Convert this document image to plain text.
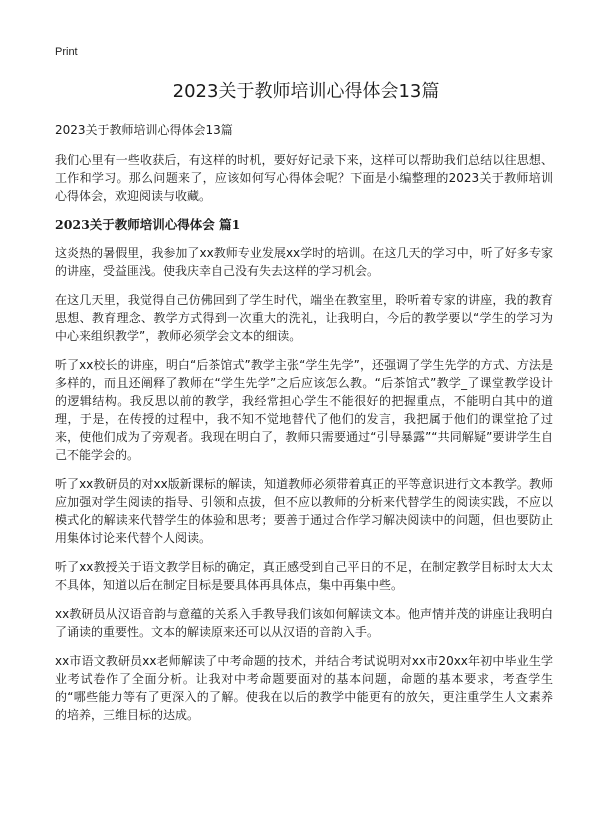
Print
2023关于教师培训心得体会13篇
2023关于教师培训心得体会13篇

我们心里有一些收获后，有这样的时机，要好好记录下来，这样可以帮助我们总结以往思想、工作和学习。那么问题来了，应该如何写心得体会呢？下面是小编整理的2023关于教师培训心得体会，欢迎阅读与收藏。

2023关于教师培训心得体会 篇1

这炎热的暑假里，我参加了xx教师专业发展xx学时的培训。在这几天的学习中，听了好多专家的讲座，受益匪浅。使我庆幸自己没有失去这样的学习机会。

在这几天里，我觉得自己仿佛回到了学生时代，端坐在教室里，聆听着专家的讲座，我的教育思想、教育理念、教学方式得到一次重大的洗礼，让我明白，今后的教学要以“学生的学习为中心来组织教学”，教师必须学会文本的细读。

听了xx校长的讲座，明白“后茶馆式”教学主张“学生先学”，还强调了学生先学的方式、方法是多样的，而且还阐释了教师在“学生先学”之后应该怎么教。“后茶馆式”教学_了课堂教学设计的逻辑结构。我反思以前的教学，我经常担心学生不能很好的把握重点，不能明白其中的道理，于是，在传授的过程中，我不知不觉地替代了他们的发言，我把属于他们的课堂抢了过来，使他们成为了旁观者。我现在明白了，教师只需要通过“引导暴露”“共同解疑”要讲学生自己不能学会的。

听了xx教研员的对xx版新课标的解读，知道教师必须带着真正的平等意识进行文本教学。教师应加强对学生阅读的指导、引领和点拔，但不应以教师的分析来代替学生的阅读实践，不应以模式化的解读来代替学生的体验和思考；要善于通过合作学习解决阅读中的问题，但也要防止用集体讨论来代替个人阅读。

听了xx教授关于语文教学目标的确定，真正感受到自己平日的不足，在制定教学目标时太大太不具体，知道以后在制定目标是要具体再具体点，集中再集中些。

xx教研员从汉语音韵与意蕴的关系入手教导我们该如何解读文本。他声情并茂的讲座让我明白了诵读的重要性。文本的解读原来还可以从汉语的音韵入手。

xx市语文教研员xx老师解读了中考命题的技术，并结合考试说明对xx市20xx年初中毕业生学业考试卷作了全面分析。让我对中考命题要面对的基本问题，命题的基本要求，考查学生的“哪些能力等有了更深入的了解。使我在以后的教学中能更有的放矢，更注重学生人文素养的培养，三维目标的达成。
